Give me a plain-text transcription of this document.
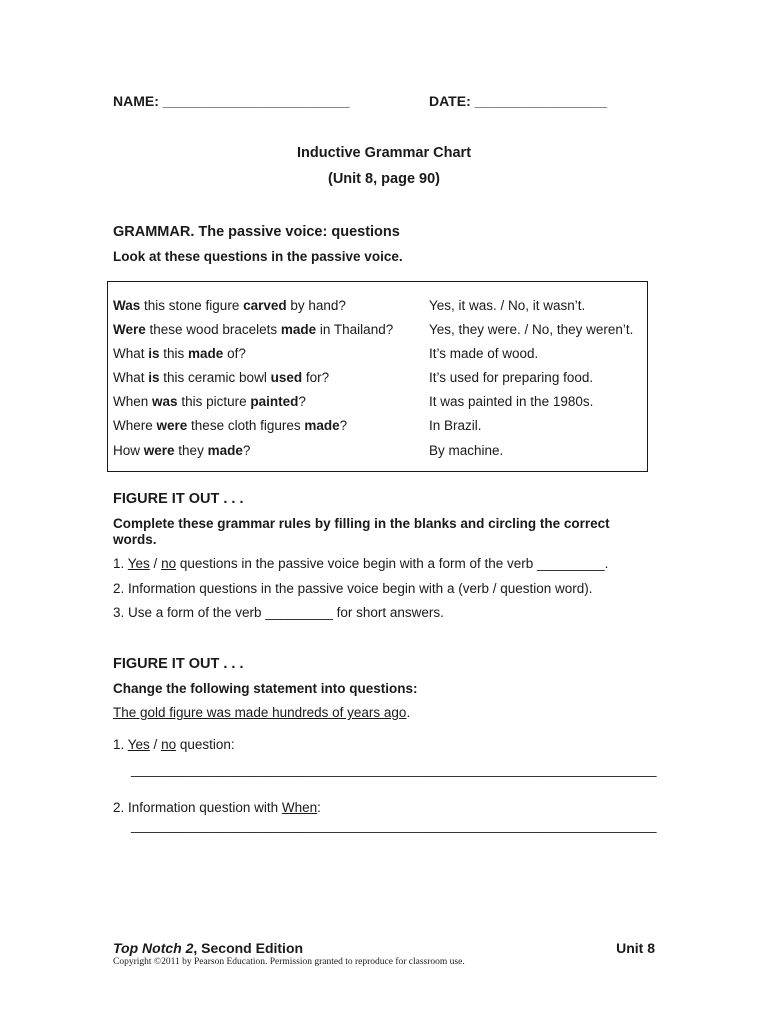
NAME: ________________________	DATE: _________________
Inductive Grammar Chart
(Unit 8, page 90)
GRAMMAR. The passive voice: questions
Look at these questions in the passive voice.
Was this stone figure carved by hand?	Yes, it was. / No, it wasn’t.
Were these wood bracelets made in Thailand?	Yes, they were. / No, they weren’t.
What is this made of?	It’s made of wood.
What is this ceramic bowl used for?	It’s used for preparing food.
When was this picture painted?	It was painted in the 1980s.
Where were these cloth figures made?	In Brazil.
How were they made?	By machine.
FIGURE IT OUT . . .
Complete these grammar rules by filling in the blanks and circling the correct words.
1. Yes / no questions in the passive voice begin with a form of the verb _________.
2. Information questions in the passive voice begin with a (verb / question word).
3. Use a form of the verb _________ for short answers.
FIGURE IT OUT . . .
Change the following statement into questions:
The gold figure was made hundreds of years ago.
1. Yes / no question:
______________________________________________________________________
2. Information question with When:
______________________________________________________________________
Top Notch 2, Second Edition	Unit 8
Copyright ©2011 by Pearson Education. Permission granted to reproduce for classroom use.
